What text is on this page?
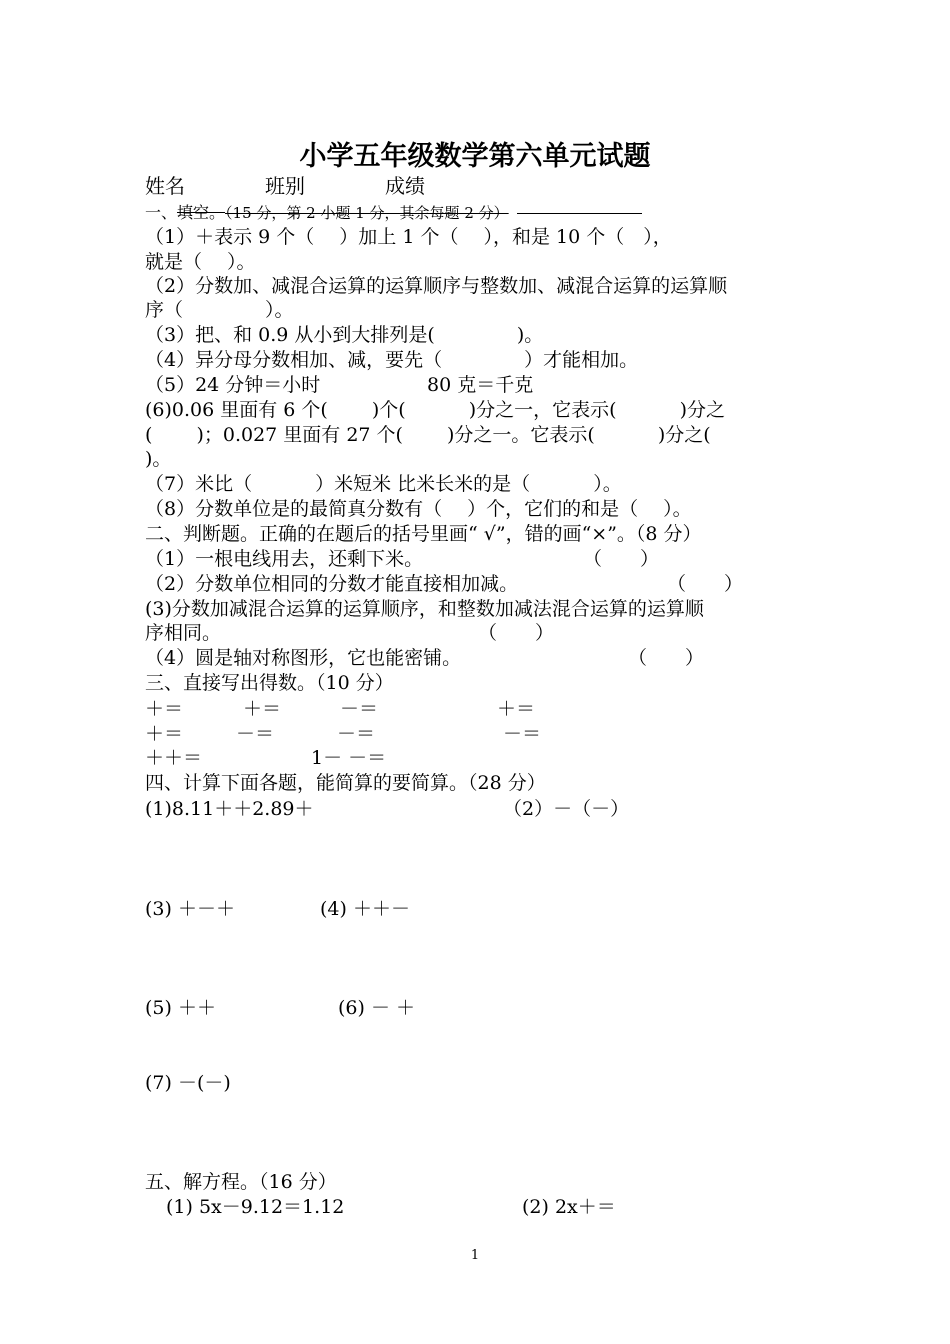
小学五年级数学第六单元试题
姓名	班别	成绩
一、填空。（15 分，第 2 小题 1 分，其余每题 2 分）
（1）＋表示 9 个（　 ）加上 1 个（　 ），和是 10 个（　），
就是（　 ）。
（2）分数加、减混合运算的运算顺序与整数加、减混合运算的运算顺
序（　　　　 ）。
（3）把、和 0.9 从小到大排列是(　　　　 )。
（4）异分母分数相加、减，要先（　　　　 ）才能相加。
（5）24 分钟＝小时	80 克＝千克
(6)0.06 里面有 6 个(　　 )个(　　　 )分之一，它表示(　　　 )分之
(　　 )；0.027 里面有 27 个(　　 )分之一。它表示(　　　 )分之(
)。
（7）米比（　　　 ）米短米 比米长米的是（　　　 ）。
（8）分数单位是的最简真分数有（　 ）个，它们的和是（　 ）。
二、判断题。正确的在题后的括号里画“ √”，错的画“×”。（8 分）
（1）一根电线用去，还剩下米。	（　　）
（2）分数单位相同的分数才能直接相加减。	（　　）
(3)分数加减混合运算的运算顺序，和整数加减法混合运算的运算顺
序相同。	（　　）
（4）圆是轴对称图形，它也能密铺。	（　　）
三、直接写出得数。（10 分）
＋＝	＋＝	－＝	＋＝
＋＝	－＝	－＝	－＝
＋＋＝	1－ －＝
四、计算下面各题，能简算的要简算。（28 分）
(1)8.11＋＋2.89＋	（2）－（－）
(3) ＋－＋	(4) ＋＋－
(5) ＋＋	(6) － ＋
(7) －(－)
五、解方程。（16 分）
(1) 5x－9.12＝1.12	(2) 2x＋＝
1
